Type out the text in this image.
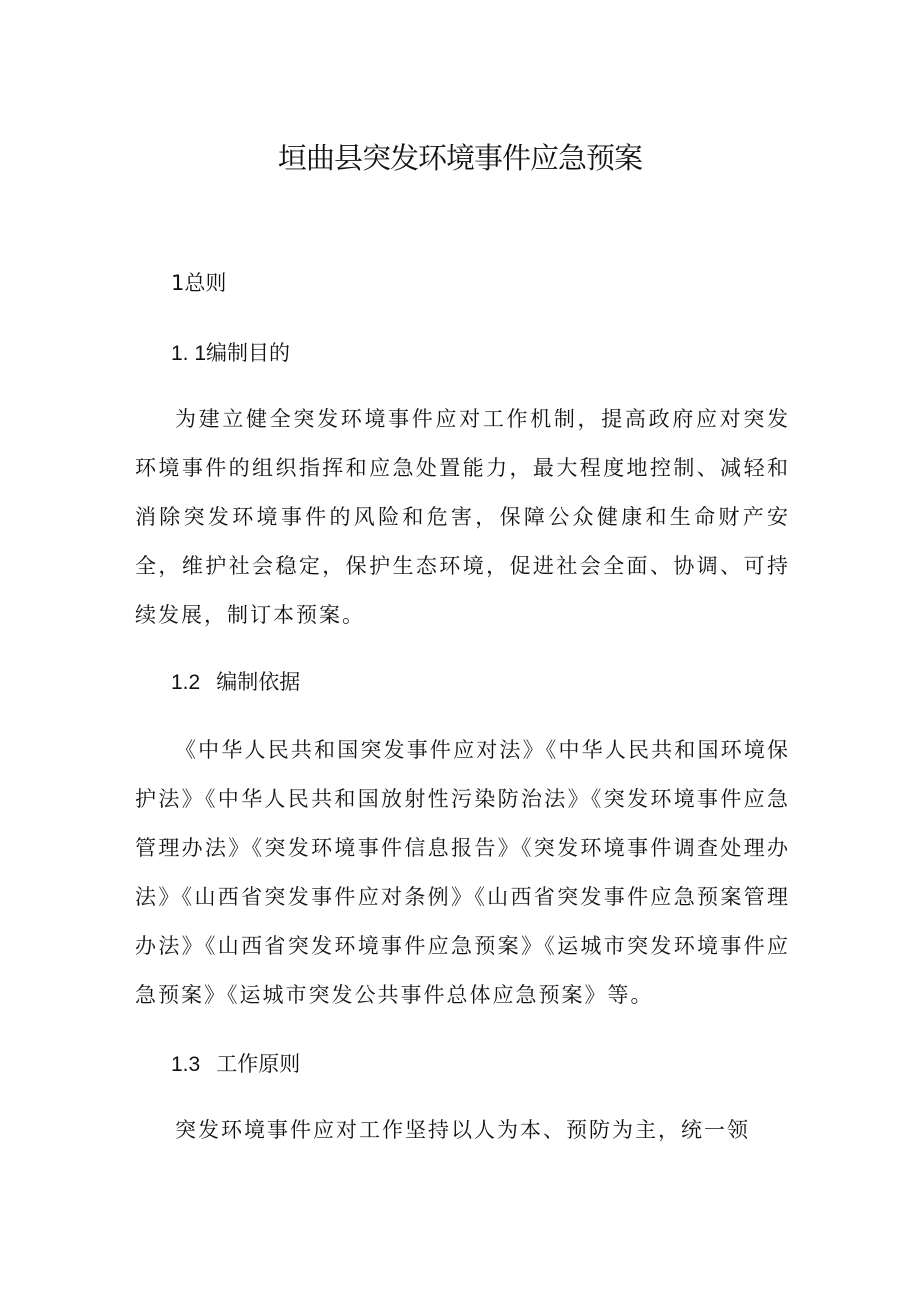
垣曲县突发环境事件应急预案
1总则
1. 1编制目的

为建立健全突发环境事件应对工作机制，提高政府应对突发环境事件的组织指挥和应急处置能力，最大程度地控制、减轻和消除突发环境事件的风险和危害，保障公众健康和生命财产安全，维护社会稳定，保护生态环境，促进社会全面、协调、可持续发展，制订本预案。

1.2 编制依据

《中华人民共和国突发事件应对法》《中华人民共和国环境保护法》《中华人民共和国放射性污染防治法》《突发环境事件应急管理办法》《突发环境事件信息报告》《突发环境事件调查处理办法》《山西省突发事件应对条例》《山西省突发事件应急预案管理办法》《山西省突发环境事件应急预案》《运城市突发环境事件应急预案》《运城市突发公共事件总体应急预案》等。

1.3 工作原则

突发环境事件应对工作坚持以人为本、预防为主，统一领
